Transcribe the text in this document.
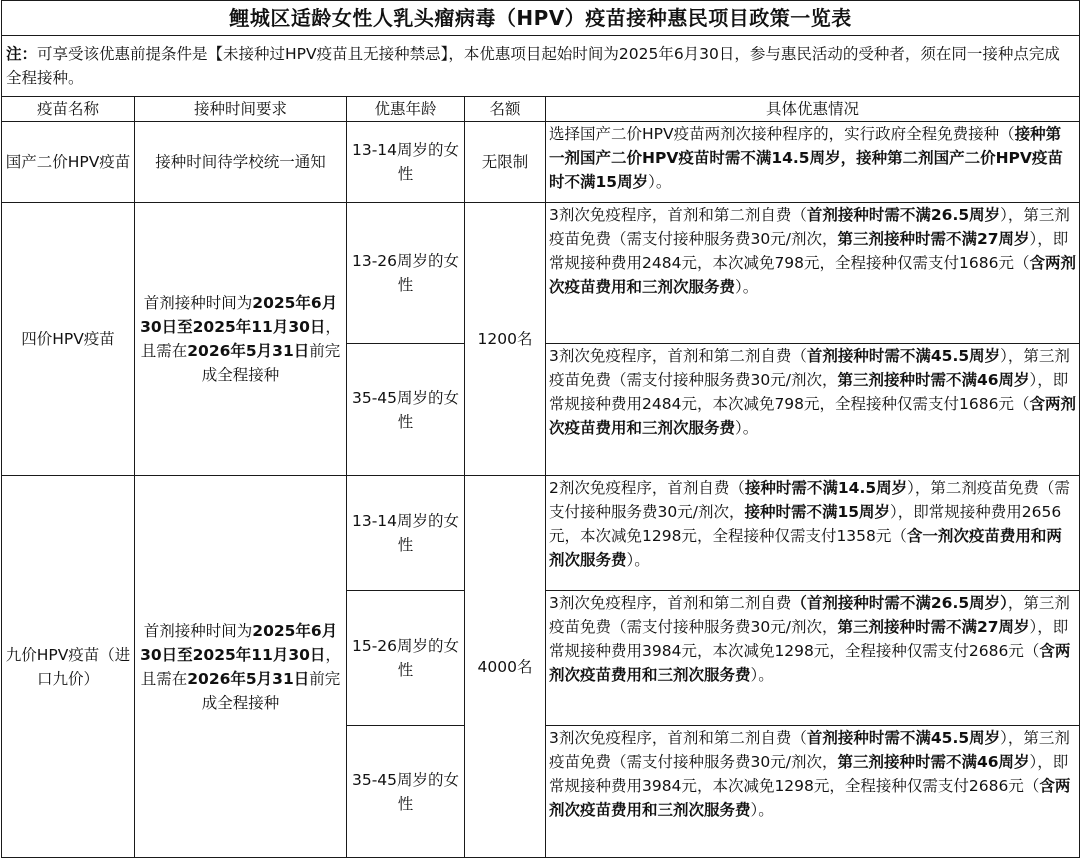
鲤城区适龄女性人乳头瘤病毒（HPV）疫苗接种惠民项目政策一览表				
注：可享受该优惠前提条件是【未接种过HPV疫苗且无接种禁忌】，本优惠项目起始时间为2025年6月30日，参与惠民活动的受种者，须在同一接种点完成全程接种。				
疫苗名称	接种时间要求	优惠年龄	名额	具体优惠情况
国产二价HPV疫苗	接种时间待学校统一通知	13-14周岁的女性	无限制	选择国产二价HPV疫苗两剂次接种程序的，实行政府全程免费接种（接种第一剂国产二价HPV疫苗时需不满14.5周岁，接种第二剂国产二价HPV疫苗时不满15周岁）。
四价HPV疫苗	首剂接种时间为2025年6月30日至2025年11月30日，且需在2026年5月31日前完成全程接种	13-26周岁的女性	1200名	3剂次免疫程序，首剂和第二剂自费（首剂接种时需不满26.5周岁），第三剂疫苗免费（需支付接种服务费30元/剂次，第三剂接种时需不满27周岁），即常规接种费用2484元，本次减免798元，全程接种仅需支付1686元（含两剂次疫苗费用和三剂次服务费）。
		35-45周岁的女性		3剂次免疫程序，首剂和第二剂自费（首剂接种时需不满45.5周岁），第三剂疫苗免费（需支付接种服务费30元/剂次，第三剂接种时需不满46周岁），即常规接种费用2484元，本次减免798元，全程接种仅需支付1686元（含两剂次疫苗费用和三剂次服务费）。
九价HPV疫苗（进口九价）	首剂接种时间为2025年6月30日至2025年11月30日，且需在2026年5月31日前完成全程接种	13-14周岁的女性	4000名	2剂次免疫程序，首剂自费（接种时需不满14.5周岁），第二剂疫苗免费（需支付接种服务费30元/剂次，接种时需不满15周岁），即常规接种费用2656元，本次减免1298元，全程接种仅需支付1358元（含一剂次疫苗费用和两剂次服务费）。
		15-26周岁的女性		3剂次免疫程序，首剂和第二剂自费（首剂接种时需不满26.5周岁），第三剂疫苗免费（需支付接种服务费30元/剂次，第三剂接种时需不满27周岁），即常规接种费用3984元，本次减免1298元，全程接种仅需支付2686元（含两剂次疫苗费用和三剂次服务费）。
		35-45周岁的女性		3剂次免疫程序，首剂和第二剂自费（首剂接种时需不满45.5周岁），第三剂疫苗免费（需支付接种服务费30元/剂次，第三剂接种时需不满46周岁），即常规接种费用3984元，本次减免1298元，全程接种仅需支付2686元（含两剂次疫苗费用和三剂次服务费）。
